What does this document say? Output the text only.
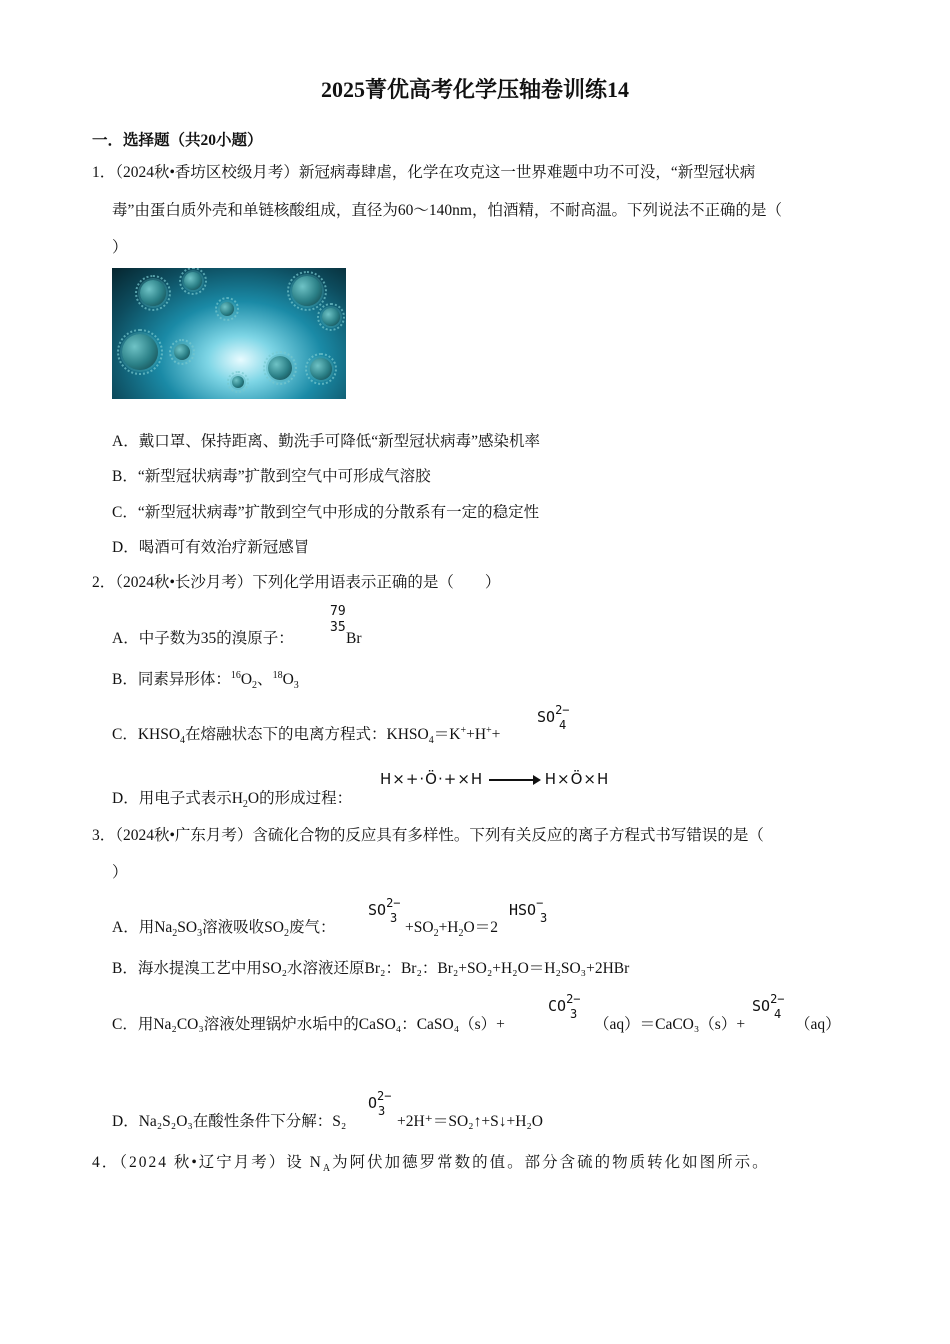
2025菁优高考化学压轴卷训练14
一．选择题（共20小题）
1．（2024秋•香坊区校级月考）新冠病毒肆虐，化学在攻克这一世界难题中功不可没，“新型冠状病
毒”由蛋白质外壳和单链核酸组成，直径为60～140nm，怕酒精，不耐高温。下列说法不正确的是（
）
A．戴口罩、保持距离、勤洗手可降低“新型冠状病毒”感染机率
B．“新型冠状病毒”扩散到空气中可形成气溶胶
C．“新型冠状病毒”扩散到空气中形成的分散系有一定的稳定性
D．喝酒可有效治疗新冠感冒
2．（2024秋•长沙月考）下列化学用语表示正确的是（　　）
A．中子数为35的溴原子：
79
35
Br
B．同素异形体：$^{16}O_2$、$^{18}O_3$
C．$KHSO_4$在熔融状态下的电离方程式：$KHSO_4=K^++H^++$
$SO^{2-}$
4
D．用电子式表示$H_2O$的形成过程：
H×+·Ö·+×H	H×Ö×H
3．（2024秋•广东月考）含硫化合物的反应具有多样性。下列有关反应的离子方程式书写错误的是（
）
A．用$Na_2SO_3$溶液吸收$SO_2$废气：
$SO^{2-}$
3
$+SO_2+H_2O=2$
HSO−
3
B．海水提溴工艺中用SO₂水溶液还原Br₂：Br₂：Br₂+SO₂+H₂O＝H₂SO₃+2HBr
C．用Na₂CO₃溶液处理锅炉水垢中的CaSO₄：CaSO₄（s）+
$CO^{2-}$
3
（aq）＝CaCO₃（s）+
$SO^{2-}$
4
（aq）
D．Na₂S₂O₃在酸性条件下分解：S₂
$O^{2-}$
3
+2H⁺＝SO₂↑+S↓+H₂O
4．（2024 秋•辽宁月考）设 $N_A$为阿伏加德罗常数的值。部分含硫的物质转化如图所示。
